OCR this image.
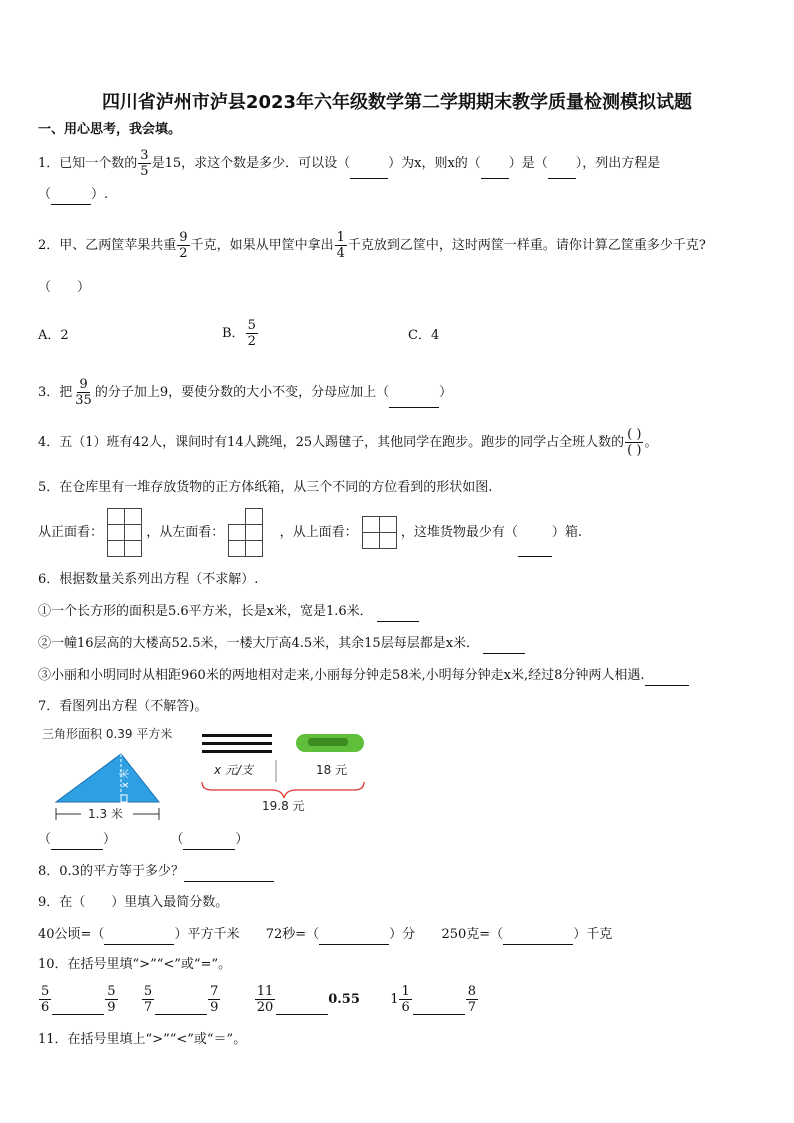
四川省泸州市泸县2023年六年级数学第二学期期末教学质量检测模拟试题
一、用心思考，我会填。
1．已知一个数的 $\frac{3}{5}$ 是15，求这个数是多少．可以设（	）为x，则x的（ ）是（ ），列出方程是
（	）.
2．甲、乙两筐苹果共重 $\frac{9}{2}$ 千克，如果从甲筐中拿出 $\frac{1}{4}$ 千克放到乙筐中，这时两筐一样重。请你计算乙筐重多少千克?
（　　）
A．2	B． $\frac{5}{2}$	C．4
3．把 $\frac{9}{35}$ 的分子加上9，要使分数的大小不变，分母应加上（	）
4．五（1）班有42人，课间时有14人跳绳，25人踢毽子，其他同学在跑步。跑步的同学占全班人数的 $\frac{( )}{( )}$ 。
5．在仓库里有一堆存放货物的正方体纸箱，从三个不同的方位看到的形状如图.
从正面看：	

		，从左面看：	

		，从上面看：	
		，这堆货物最少有（	）箱.
6．根据数量关系列出方程（不求解）.
①一个长方形的面积是5.6平方米，长是x米，宽是1.6米．
②一幢16层高的大楼高52.5米，一楼大厅高4.5米，其余15层每层都是x米．
③小丽和小明同时从相距960米的两地相对走来,小丽每分钟走58米,小明每分钟走x米,经过8分钟两人相遇.
7．看图列出方程（不解答)。
三角形面积 0.39 平方米
x 米
1.3 米
x 元/支	18 元
19.8 元
（	）	（	）
8．0.3的平方等于多少？
9．在（　　）里填入最简分数。
40公顷=（	）平方千米 72秒=（	）分 250克=（	）千克
10．在括号里填“>”“<”或“=”。
$\frac{5}{6}$	$\frac{5}{9}$
$\frac{5}{7}$	$\frac{7}{9}$
	$\frac{11}{20}$	0.55 $1 \frac{1}{6}$	$\frac{8}{7}$
11．在括号里填上“>”“<”或“＝”。
